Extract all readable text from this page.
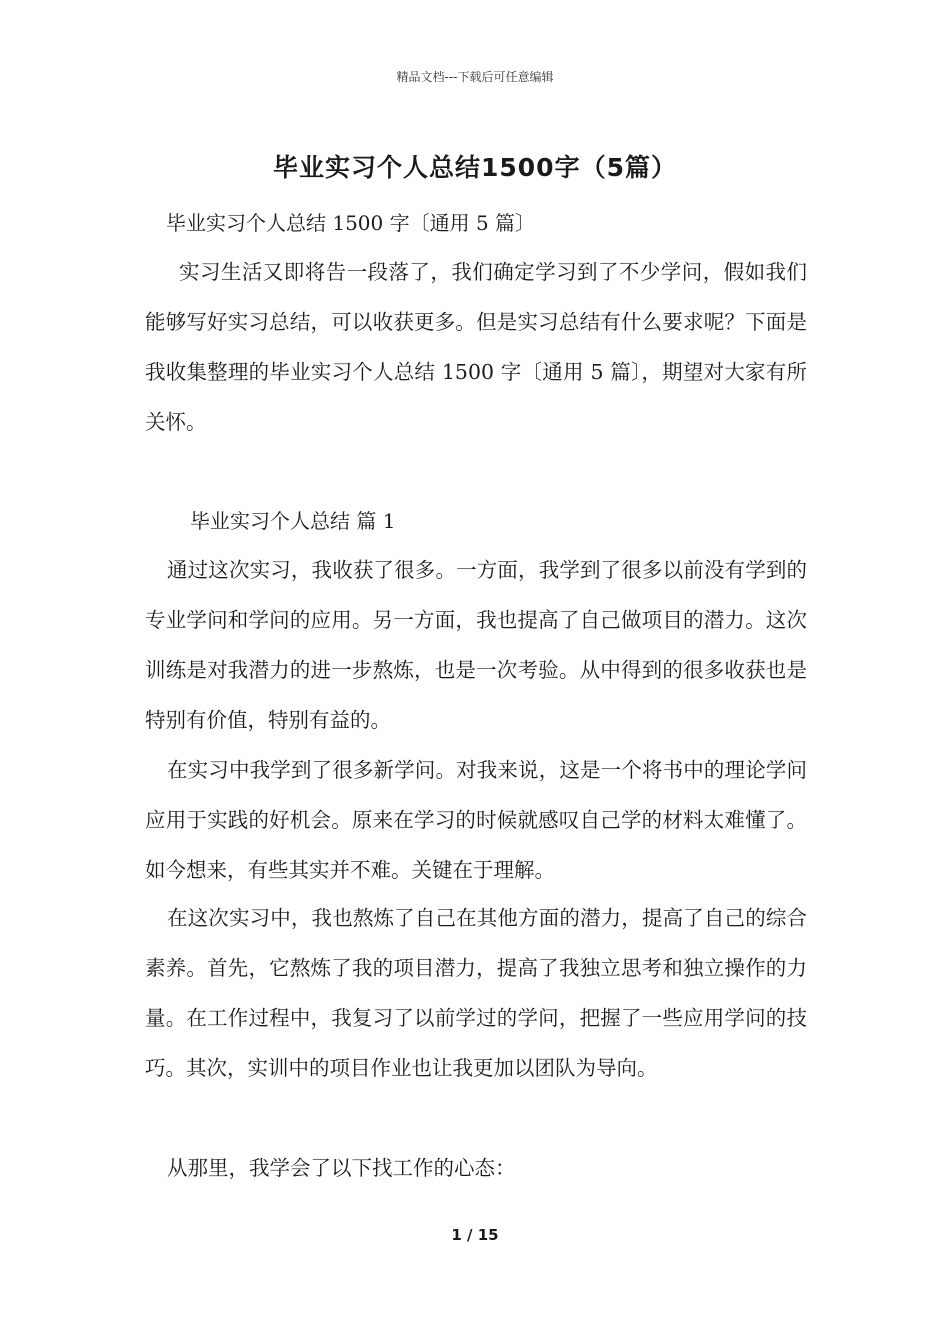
精品文档---下载后可任意编辑
毕业实习个人总结1500字（5篇）
毕业实习个人总结 1500 字〔通用 5 篇〕
实习生活又即将告一段落了，我们确定学习到了不少学问，假如我们能够写好实习总结，可以收获更多。但是实习总结有什么要求呢？下面是我收集整理的毕业实习个人总结 1500 字〔通用 5 篇〕，期望对大家有所关怀。
毕业实习个人总结 篇 1
通过这次实习，我收获了很多。一方面，我学到了很多以前没有学到的专业学问和学问的应用。另一方面，我也提高了自己做项目的潜力。这次训练是对我潜力的进一步熬炼，也是一次考验。从中得到的很多收获也是特别有价值，特别有益的。
在实习中我学到了很多新学问。对我来说，这是一个将书中的理论学问应用于实践的好机会。原来在学习的时候就感叹自己学的材料太难懂了。如今想来，有些其实并不难。关键在于理解。
在这次实习中，我也熬炼了自己在其他方面的潜力，提高了自己的综合素养。首先，它熬炼了我的项目潜力，提高了我独立思考和独立操作的力量。在工作过程中，我复习了以前学过的学问，把握了一些应用学问的技巧。其次，实训中的项目作业也让我更加以团队为导向。
从那里，我学会了以下找工作的心态：
1 / 15
